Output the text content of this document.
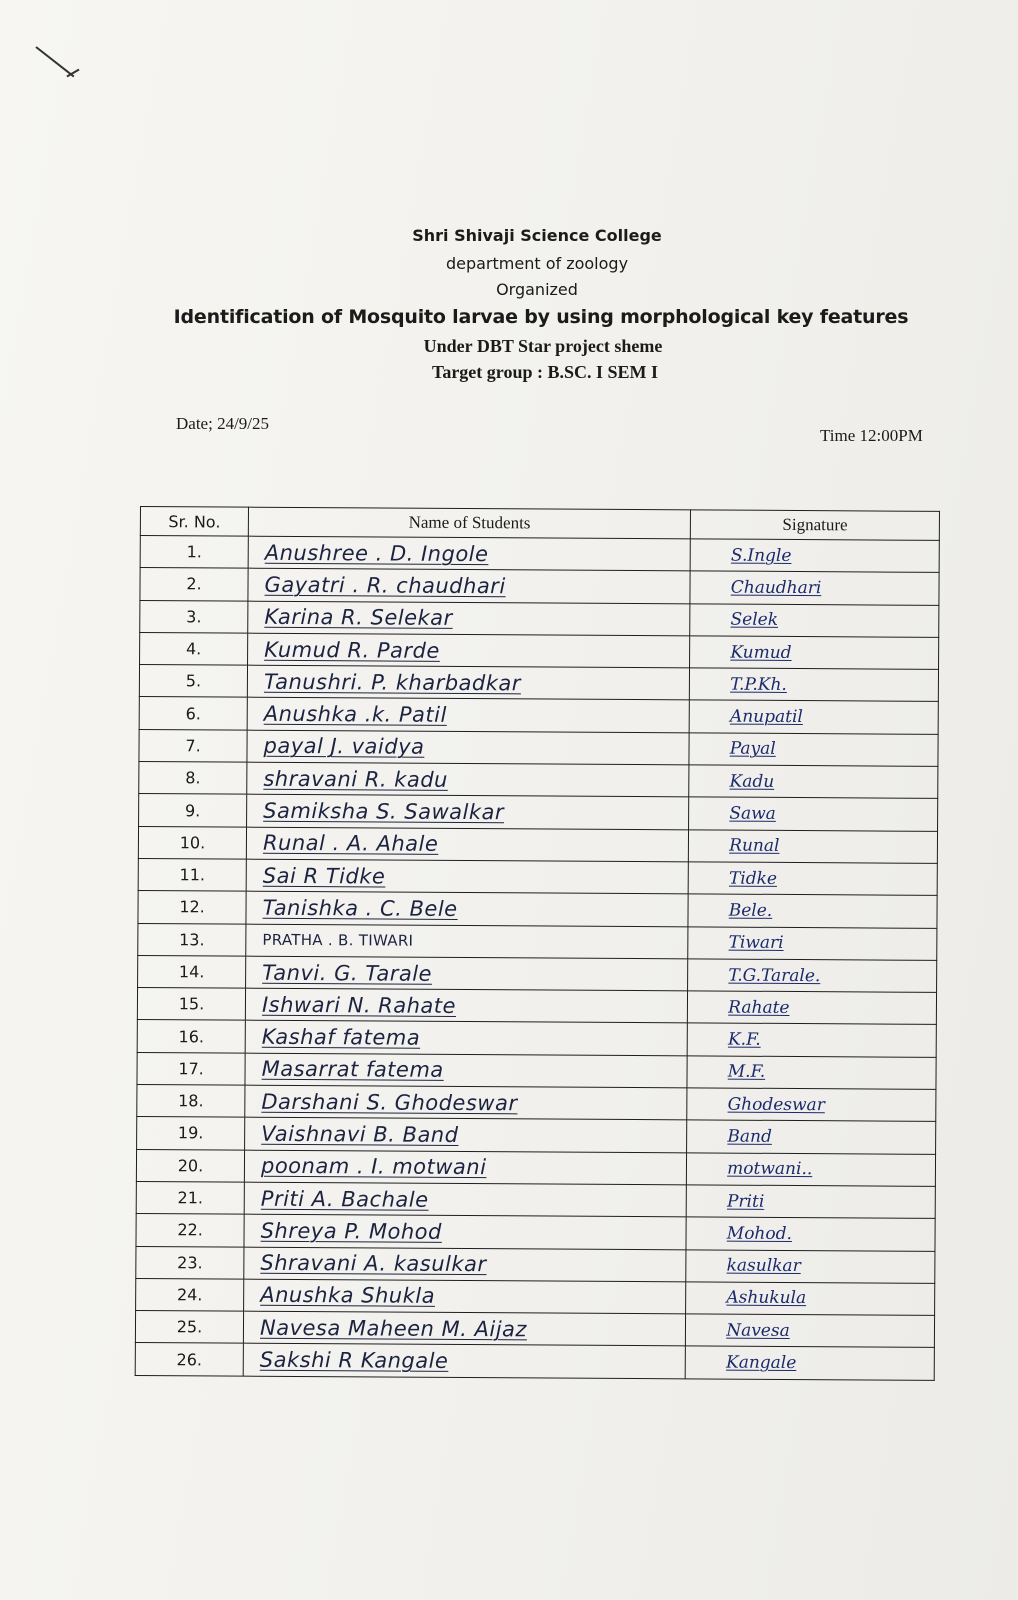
Shri Shivaji Science College
department of zoology
Organized
Identification of Mosquito larvae by using morphological key features
Under DBT Star project sheme
Target group : B.SC. I SEM I
Date; 24/9/25
Time 12:00PM
Sr. No.	Name of Students	Signature
1.	Anushree . D. Ingole	S.Ingle

2.	Gayatri . R. chaudhari	Chaudhari

3.	Karina R. Selekar	Selek

4.	Kumud R. Parde	Kumud

5.	Tanushri. P. kharbadkar	T.P.Kh.

6.	Anushka .k. Patil	Anupatil

7.	payal J. vaidya	Payal

8.	shravani R. kadu	Kadu

9.	Samiksha S. Sawalkar	Sawa

10.	Runal . A. Ahale	Runal

11.	Sai R Tidke	Tidke

12.	Tanishka . C. Bele	Bele.

13.	PRATHA . B. TIWARI	Tiwari

14.	Tanvi. G. Tarale	T.G.Tarale.

15.	Ishwari N. Rahate	Rahate

16.	Kashaf fatema	K.F.

17.	Masarrat fatema	M.F.

18.	Darshani S. Ghodeswar	Ghodeswar

19.	Vaishnavi B. Band	Band

20.	poonam . I. motwani	motwani..

21.	Priti A. Bachale	Priti

22.	Shreya P. Mohod	Mohod.

23.	Shravani A. kasulkar	kasulkar

24.	Anushka Shukla	Ashukula

25.	Navesa Maheen M. Aijaz	Navesa

26.	Sakshi R Kangale	Kangale
